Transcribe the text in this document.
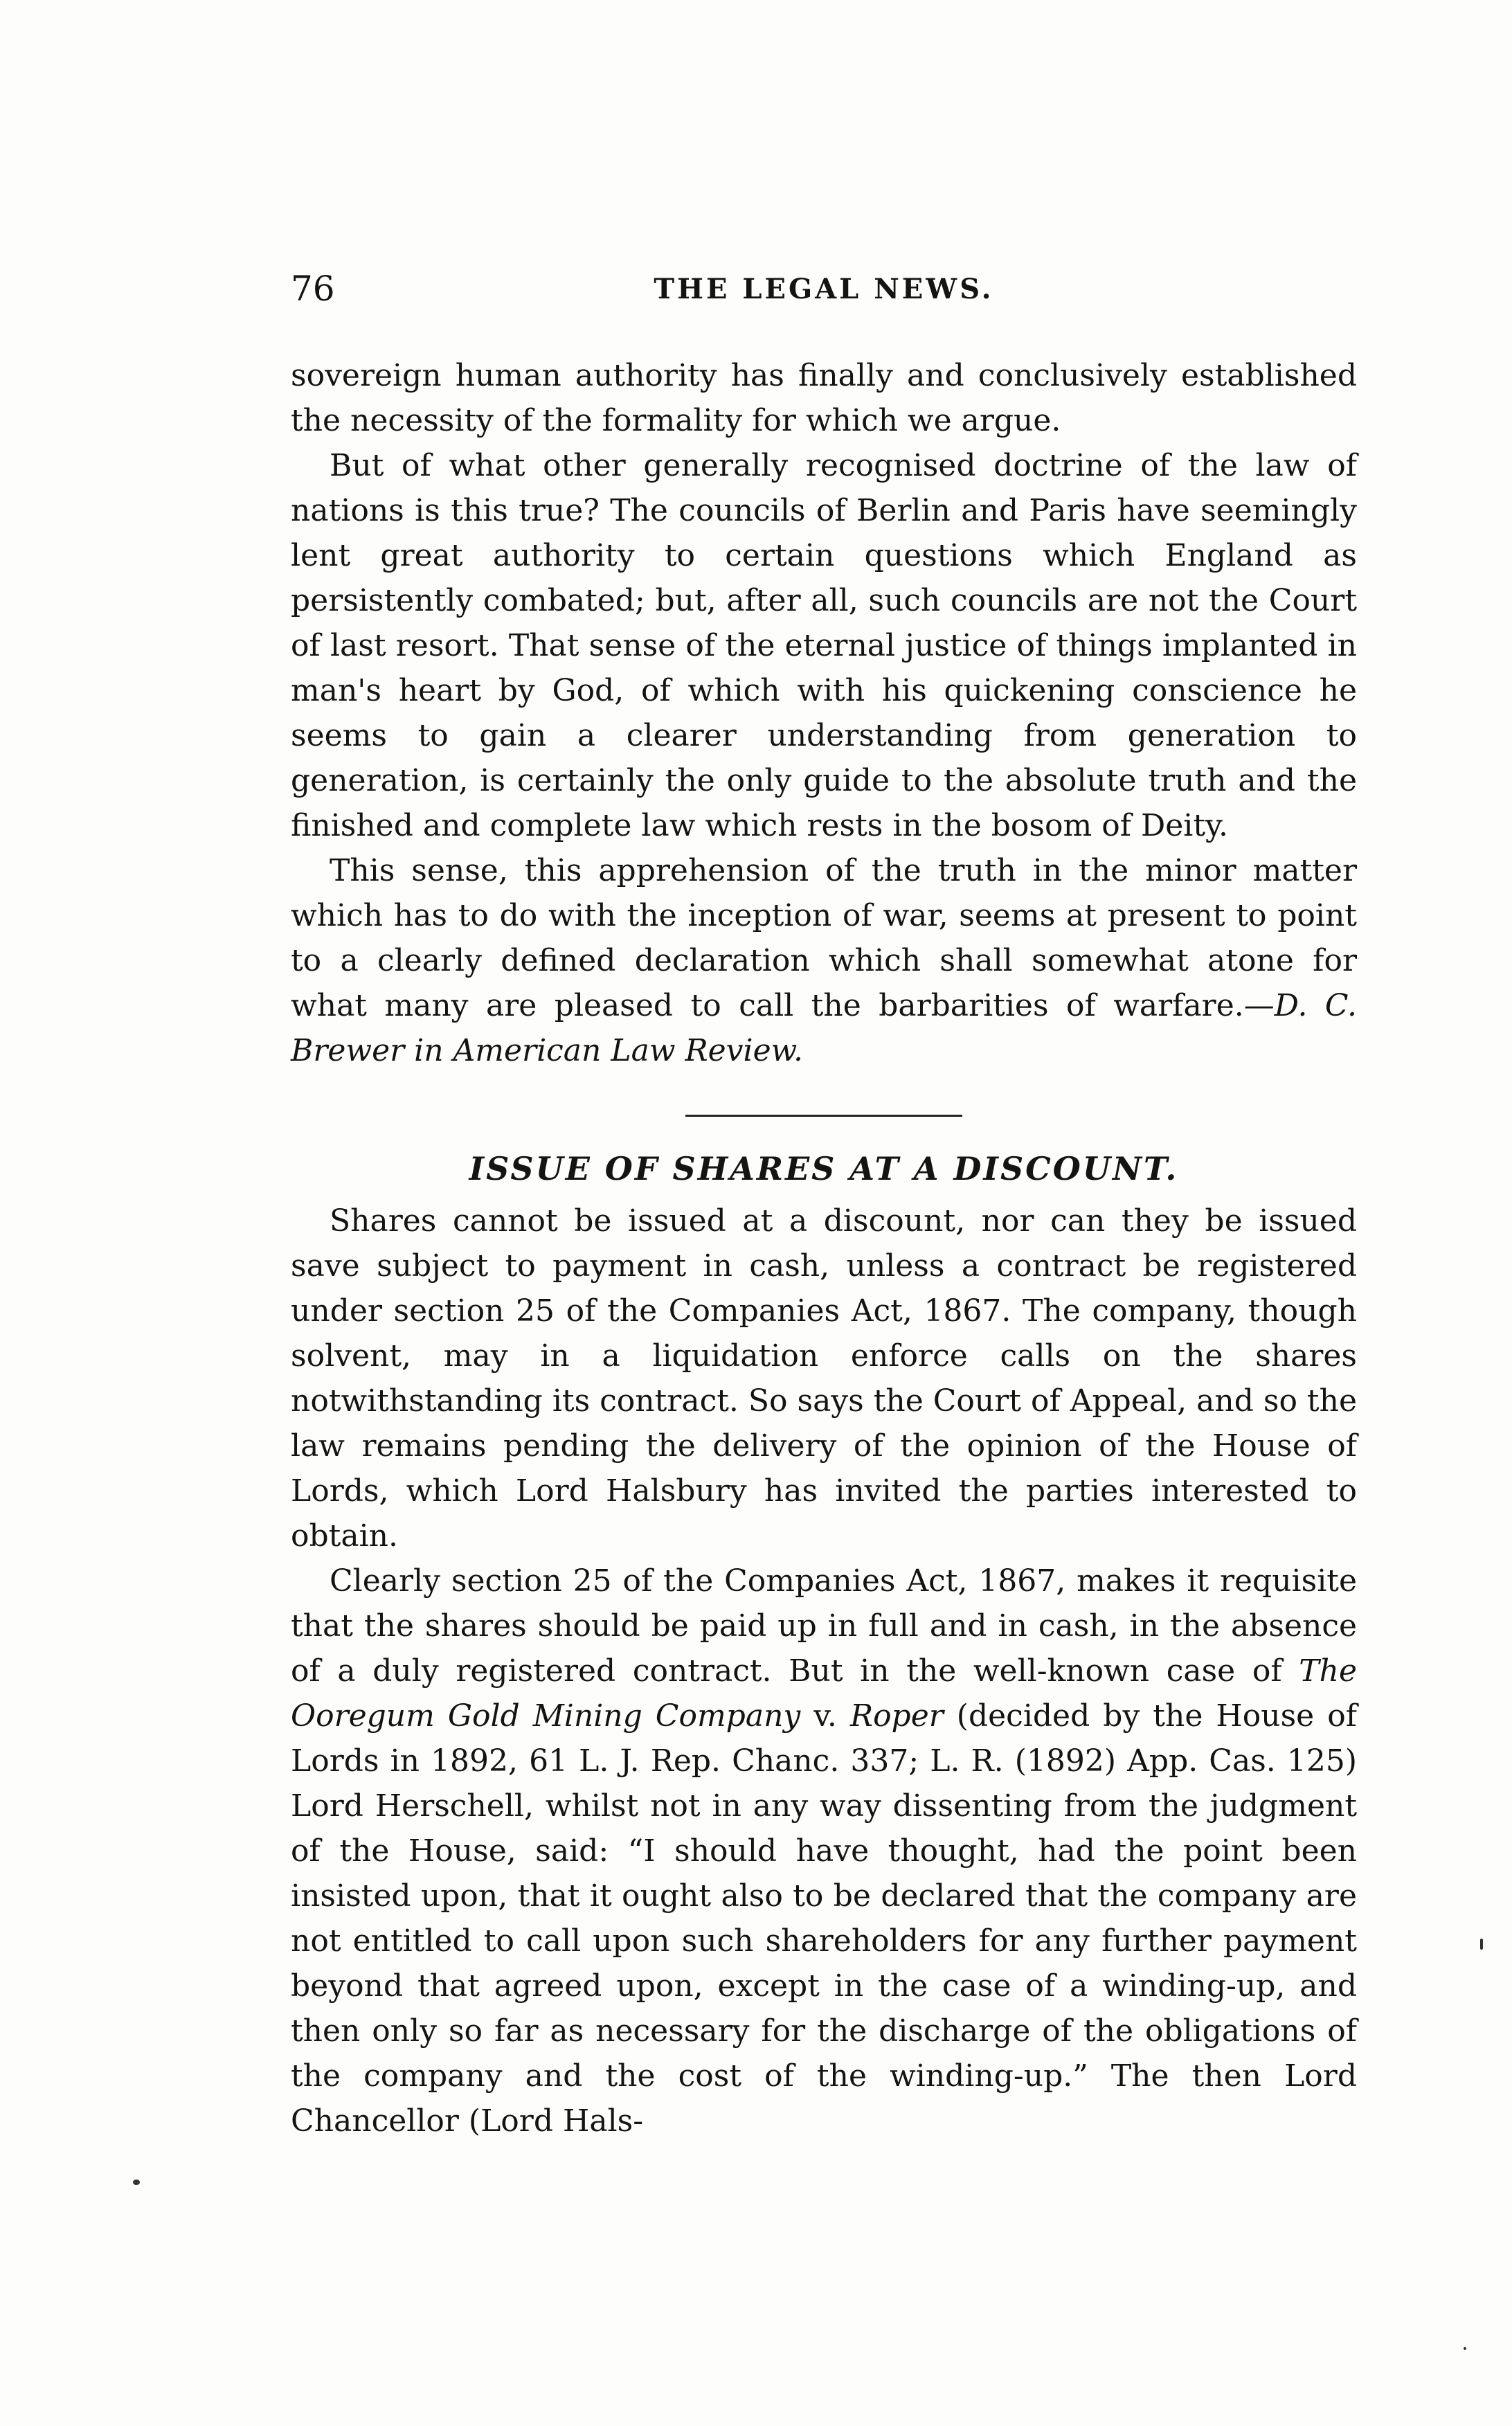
76	THE LEGAL NEWS.

sovereign human authority has finally and conclusively established the necessity of the formality for which we argue.

But of what other generally recognised doctrine of the law of nations is this true? The councils of Berlin and Paris have seemingly lent great authority to certain questions which England as persistently combated; but, after all, such councils are not the Court of last resort. That sense of the eternal justice of things implanted in man's heart by God, of which with his quickening conscience he seems to gain a clearer understanding from generation to generation, is certainly the only guide to the absolute truth and the finished and complete law which rests in the bosom of Deity.

This sense, this apprehension of the truth in the minor matter which has to do with the inception of war, seems at present to point to a clearly defined declaration which shall somewhat atone for what many are pleased to call the barbarities of warfare.—D. C. Brewer in American Law Review.

ISSUE OF SHARES AT A DISCOUNT.

Shares cannot be issued at a discount, nor can they be issued save subject to payment in cash, unless a contract be registered under section 25 of the Companies Act, 1867. The company, though solvent, may in a liquidation enforce calls on the shares notwithstanding its contract. So says the Court of Appeal, and so the law remains pending the delivery of the opinion of the House of Lords, which Lord Halsbury has invited the parties interested to obtain.

Clearly section 25 of the Companies Act, 1867, makes it requisite that the shares should be paid up in full and in cash, in the absence of a duly registered contract. But in the well-known case of The Ooregum Gold Mining Company v. Roper (decided by the House of Lords in 1892, 61 L. J. Rep. Chanc. 337; L. R. (1892) App. Cas. 125) Lord Herschell, whilst not in any way dissenting from the judgment of the House, said: “I should have thought, had the point been insisted upon, that it ought also to be declared that the company are not entitled to call upon such shareholders for any further payment beyond that agreed upon, except in the case of a winding-up, and then only so far as necessary for the discharge of the obligations of the company and the cost of the winding-up.” The then Lord Chancellor (Lord Hals-
